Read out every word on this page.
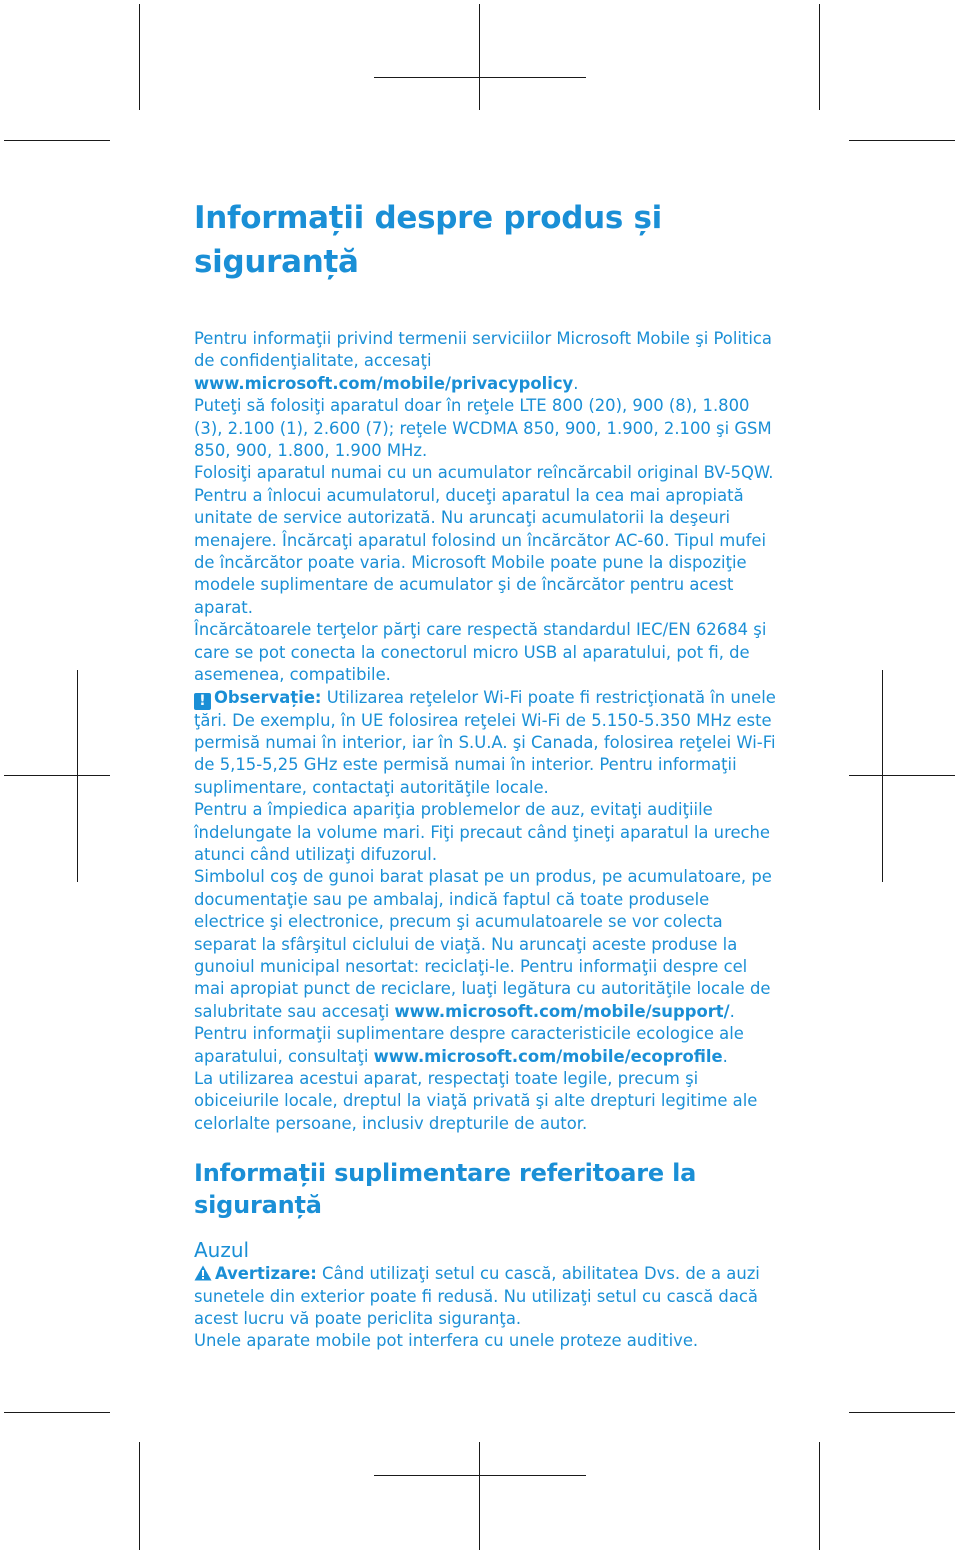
Informații despre produs și siguranță

Pentru informaţii privind termenii serviciilor Microsoft Mobile şi Politica de confidenţialitate, accesaţi www.microsoft.com/mobile/privacypolicy.

Puteţi să folosiţi aparatul doar în reţele LTE 800 (20), 900 (8), 1.800 (3), 2.100 (1), 2.600 (7); reţele WCDMA 850, 900, 1.900, 2.100 şi GSM 850, 900, 1.800, 1.900 MHz.

Folosiţi aparatul numai cu un acumulator reîncărcabil original BV-5QW. Pentru a înlocui acumulatorul, duceţi aparatul la cea mai apropiată unitate de service autorizată. Nu aruncaţi acumulatorii la deşeuri menajere. Încărcaţi aparatul folosind un încărcător AC-60. Tipul mufei de încărcător poate varia. Microsoft Mobile poate pune la dispoziţie modele suplimentare de acumulator şi de încărcător pentru acest aparat.

Încărcătoarele terţelor părţi care respectă standardul IEC/EN 62684 şi care se pot conecta la conectorul micro USB al aparatului, pot fi, de asemenea, compatibile.

! Observație: Utilizarea reţelelor Wi-Fi poate fi restricţionată în unele ţări. De exemplu, în UE folosirea reţelei Wi-Fi de 5.150-5.350 MHz este permisă numai în interior, iar în S.U.A. şi Canada, folosirea reţelei Wi-Fi de 5,15-5,25 GHz este permisă numai în interior. Pentru informaţii suplimentare, contactaţi autorităţile locale.

Pentru a împiedica apariţia problemelor de auz, evitaţi audiţiile îndelungate la volume mari. Fiţi precaut când ţineţi aparatul la ureche atunci când utilizaţi difuzorul.

Simbolul coş de gunoi barat plasat pe un produs, pe acumulatoare, pe documentaţie sau pe ambalaj, indică faptul că toate produsele electrice şi electronice, precum şi acumulatoarele se vor colecta separat la sfârşitul ciclului de viaţă. Nu aruncaţi aceste produse la gunoiul municipal nesortat: reciclaţi-le. Pentru informaţii despre cel mai apropiat punct de reciclare, luaţi legătura cu autorităţile locale de salubritate sau accesaţi www.microsoft.com/mobile/support/.

Pentru informaţii suplimentare despre caracteristicile ecologice ale aparatului, consultaţi www.microsoft.com/mobile/ecoprofile.

La utilizarea acestui aparat, respectaţi toate legile, precum şi obiceiurile locale, dreptul la viaţă privată şi alte drepturi legitime ale celorlalte persoane, inclusiv drepturile de autor.

Informații suplimentare referitoare la siguranță
Auzul

Avertizare: Când utilizaţi setul cu cască, abilitatea Dvs. de a auzi sunetele din exterior poate fi redusă. Nu utilizaţi setul cu cască dacă acest lucru vă poate periclita siguranţa.

Unele aparate mobile pot interfera cu unele proteze auditive.
